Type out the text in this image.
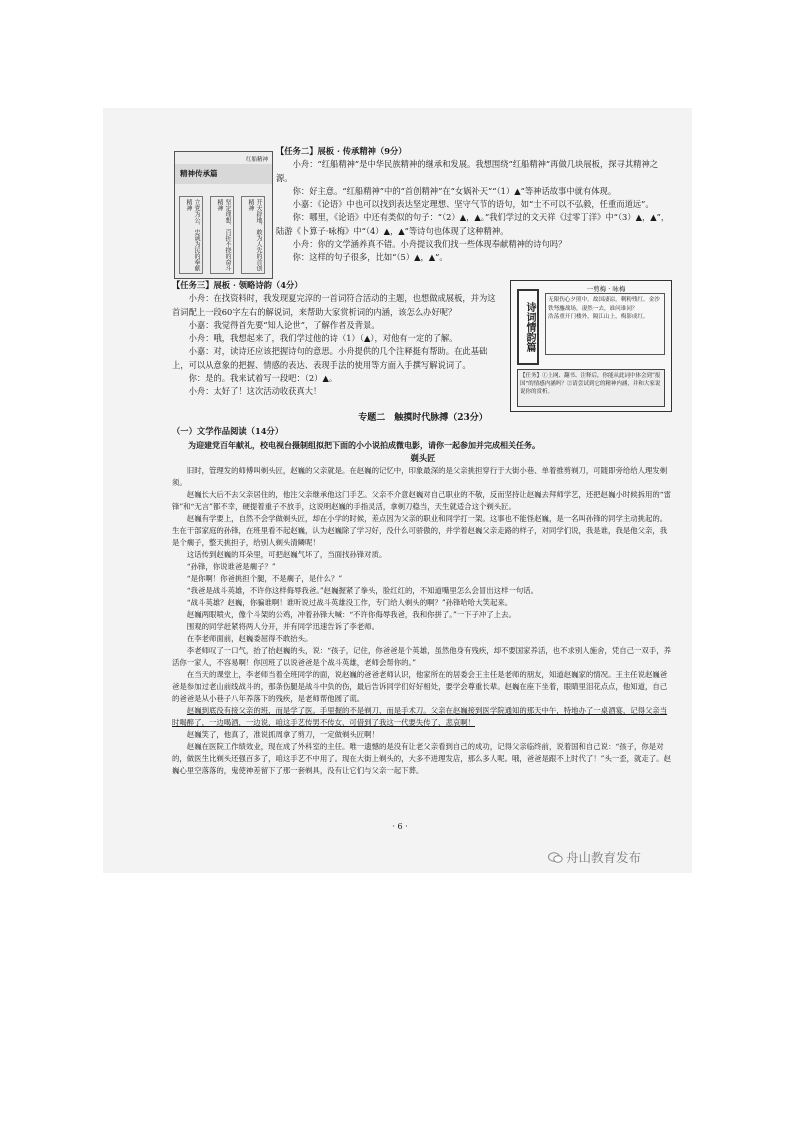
精神传承篇
红船精神
立党为公、忠诚为民的奉献精神	坚定理想、百折不挠的奋斗精神	开天辟地、敢为人先的首创精神

【任务二】展板 · 传承精神（9分）

小舟：“红船精神”是中华民族精神的继承和发展。我想围绕“红船精神”再做几块展板，探寻其精神之源。

你：好主意。“红船精神”中的“首创精神”在“女娲补天”“（1）▲”等神话故事中就有体现。

小嘉：《论语》中也可以找到表达坚定理想、坚守气节的语句，如“士不可以不弘毅，任重而道远”。

你：哪里，《论语》中还有类似的句子：“（2）▲，▲。”我们学过的文天祥《过零丁洋》中“（3）▲，▲”，陆游《卜算子·咏梅》中“（4）▲，▲”等诗句也体现了这种精神。

小舟：你的文学涵养真不错。小舟提议我们找一些体现奉献精神的诗句吗？

你：这样的句子很多，比如“（5）▲，▲”。

【任务三】展板 · 领略诗韵（4分）

小舟：在找资料时，我发现夏完淳的一首词符合活动的主题，也想做成展板，并为这首词配上一段60字左右的解说词，来帮助大家赏析词的内涵，该怎么办好呢？

小嘉：我觉得首先要“知人论世”，了解作者及背景。

小舟：哦，我想起来了，我们学过他的诗（1）（▲），对他有一定的了解。

小嘉：对，读诗还应该把握诗句的意思。小舟提供的几个注释挺有帮助。在此基础上，可以从意象的把握、情感的表达、表现手法的使用等方面入手撰写解说词了。

你：是的。我来试着写一段吧：（2）▲。

小舟：太好了！这次活动收获真大！

诗词情韵篇
一剪梅 · 咏梅
无限伤心夕照中。故国凄凉，剩粉残红。金沙铁弩鏖战场，凄然一去，谁问谁同？
浩荡重开门楼外，隔江山上，梅影成红。
【任务】①上网、翻书、注释后，你能从此词中体会到“报国”的情感内涵吗？②请尝试到它的精神内涵，并和大家说说你的赏析。

专题二　触摸时代脉搏（23分）

（一）文学作品阅读（14分）

为迎建党百年献礼，校电视台摄制组拟把下面的小小说拍成微电影，请你一起参加并完成相关任务。

剃头匠

旧时，管理发的师傅叫剃头匠，赵巍的父亲就是。在赵巍的记忆中，印象最深的是父亲挑担穿行于大街小巷、单着推剪剃刀，可随即旁给给人理发剃须。

赵巍长大后不去父亲居住的，他注父亲继承他这门手艺。父亲不介意赵巍对自己职业的不敬，反而坚持让赵巍去拜师学艺，还把赵巍小时候拆用的“雷锋”和“无言”都不幸，硬提着重子不放手，这说明赵巍的手指灵活，拿剃刀稳当，天生就适合这个剃头匠。

赵巍有学要上，自然不会学做剃头匠，却在小学的时候，差点因为父亲的职业和同学打一架。这事也不能怪赵巍，是一名叫孙锋的同学主动挑起的。生在干部家庭的孙锋，在班里看不起赵巍，认为赵巍除了学习好，没什么可骄傲的，并学着赵巍父亲走路的样子，对同学们说，我是谁，我是他父亲，我是个瘸子，整天挑担子，给别人剃头清鳞呢！

这话传到赵巍的耳朵里，可把赵巍气坏了，当面找孙锋对质。

“孙锋，你说谁爸是瘸子？”

“是你啊！你爸挑担个腿，不是瘸子，是什么？”

“我爸是战斗英雄，不许你这样侮辱我爸。”赵巍握紧了拳头，脸红红的，不知道嘴里怎么会冒出这样一句话。

“战斗英雄？赵巍，你骗谁啊！谁听说过战斗英雄没工作，专门给人剃头的啊？”孙锋哈哈大笑起来。

赵巍两眼喷火，像个斗架的公鸡，冲着孙锋大喊：“不许你侮辱我爸，我和你拼了。”一下子冲了上去。

围观的同学赶紧将两人分开，并有同学迅速告诉了李老师。

在李老师面前，赵巍委屈得不敢抬头。

李老师叹了一口气，抬了抬赵巍的头，说：“孩子，记住，你爸爸是个英雄，虽然他身有残疾，却不要国家养活，也不求别人施舍，凭自己一双手，养活你一家人，不容易啊！你回班了以说爸爸是个战斗英雄，老师会帮你的。”

在当天的课堂上，李老师当着全班同学的面，说赵巍的爸爸老师认识，他家所在的居委会王主任是老师的朋友，知道赵巍家的情况。王主任说赵巍爸爸是参加过老山前线战斗的，那条伤腿是战斗中负的伤，最后告诉同学们好好相处，要学会尊重长辈。赵巍在座下坐着，眼睛里泪花点点，他知道，自己的爸爸是从小巷子八年养落下的残疾，是老师帮他圆了谎。

赵巍到底没有接父亲的班，而是学了医。手里握的不是剃刀，而是手术刀。父亲在赵巍接到医学院通知的那天中午，特地办了一桌酒宴，记得父亲当时喝醉了，一边喝酒，一边说，咱这手艺传男不传女，可借到了我这一代要失传了，悲哀啊！

赵巍笑了，他真了，准说抓周拿了剪刀，一定做剃头匠啊！

赵巍在医院工作绩效业，现在成了外科室的主任。唯一遗憾的是没有让老父亲看到自己的成功，记得父亲临终前，说着国和自己说：“孩子，你是对的，做医生比剃头还强百多了，咱这手艺不中用了。现在大街上剃头的，大多不进理发店，那么多人呢。哦，爸爸是跟不上时代了！”头一歪，就走了。赵巍心里空落落的，鬼使神差留下了那一套剃具，没有让它们与父亲一起下葬。

· 6 ·
舟山教育发布
